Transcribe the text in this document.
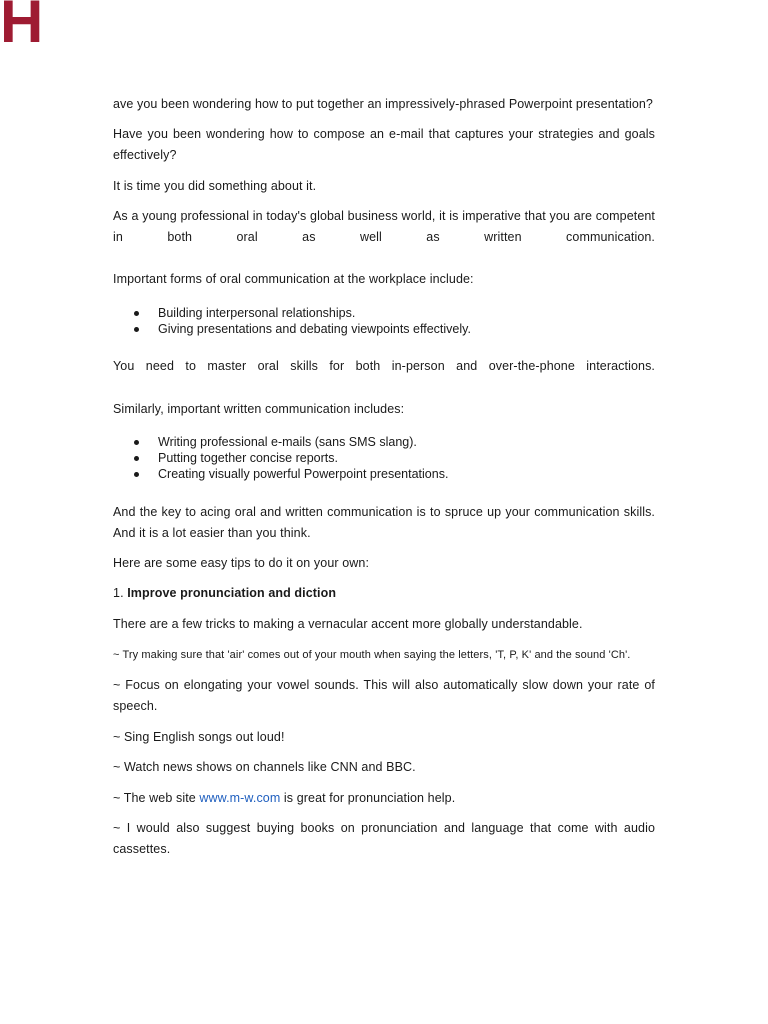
H

ave you been wondering how to put together an impressively-phrased Powerpoint presentation?

Have you been wondering how to compose an e-mail that captures your strategies and goals effectively?

It is time you did something about it.

As a young professional in today's global business world, it is imperative that you are competent in both oral as well as written communication.

Important forms of oral communication at the workplace include:

Building interpersonal relationships.
Giving presentations and debating viewpoints effectively.

You need to master oral skills for both in-person and over-the-phone interactions.

Similarly, important written communication includes:

Writing professional e-mails (sans SMS slang).
Putting together concise reports.
Creating visually powerful Powerpoint presentations.

And the key to acing oral and written communication is to spruce up your communication skills. And it is a lot easier than you think.

Here are some easy tips to do it on your own:

1. Improve pronunciation and diction

There are a few tricks to making a vernacular accent more globally understandable.

~ Try making sure that 'air' comes out of your mouth when saying the letters, 'T, P, K' and the sound 'Ch'.

~ Focus on elongating your vowel sounds. This will also automatically slow down your rate of speech.

~ Sing English songs out loud!

~ Watch news shows on channels like CNN and BBC.

~ The web site www.m-w.com is great for pronunciation help.

~ I would also suggest buying books on pronunciation and language that come with audio cassettes.
